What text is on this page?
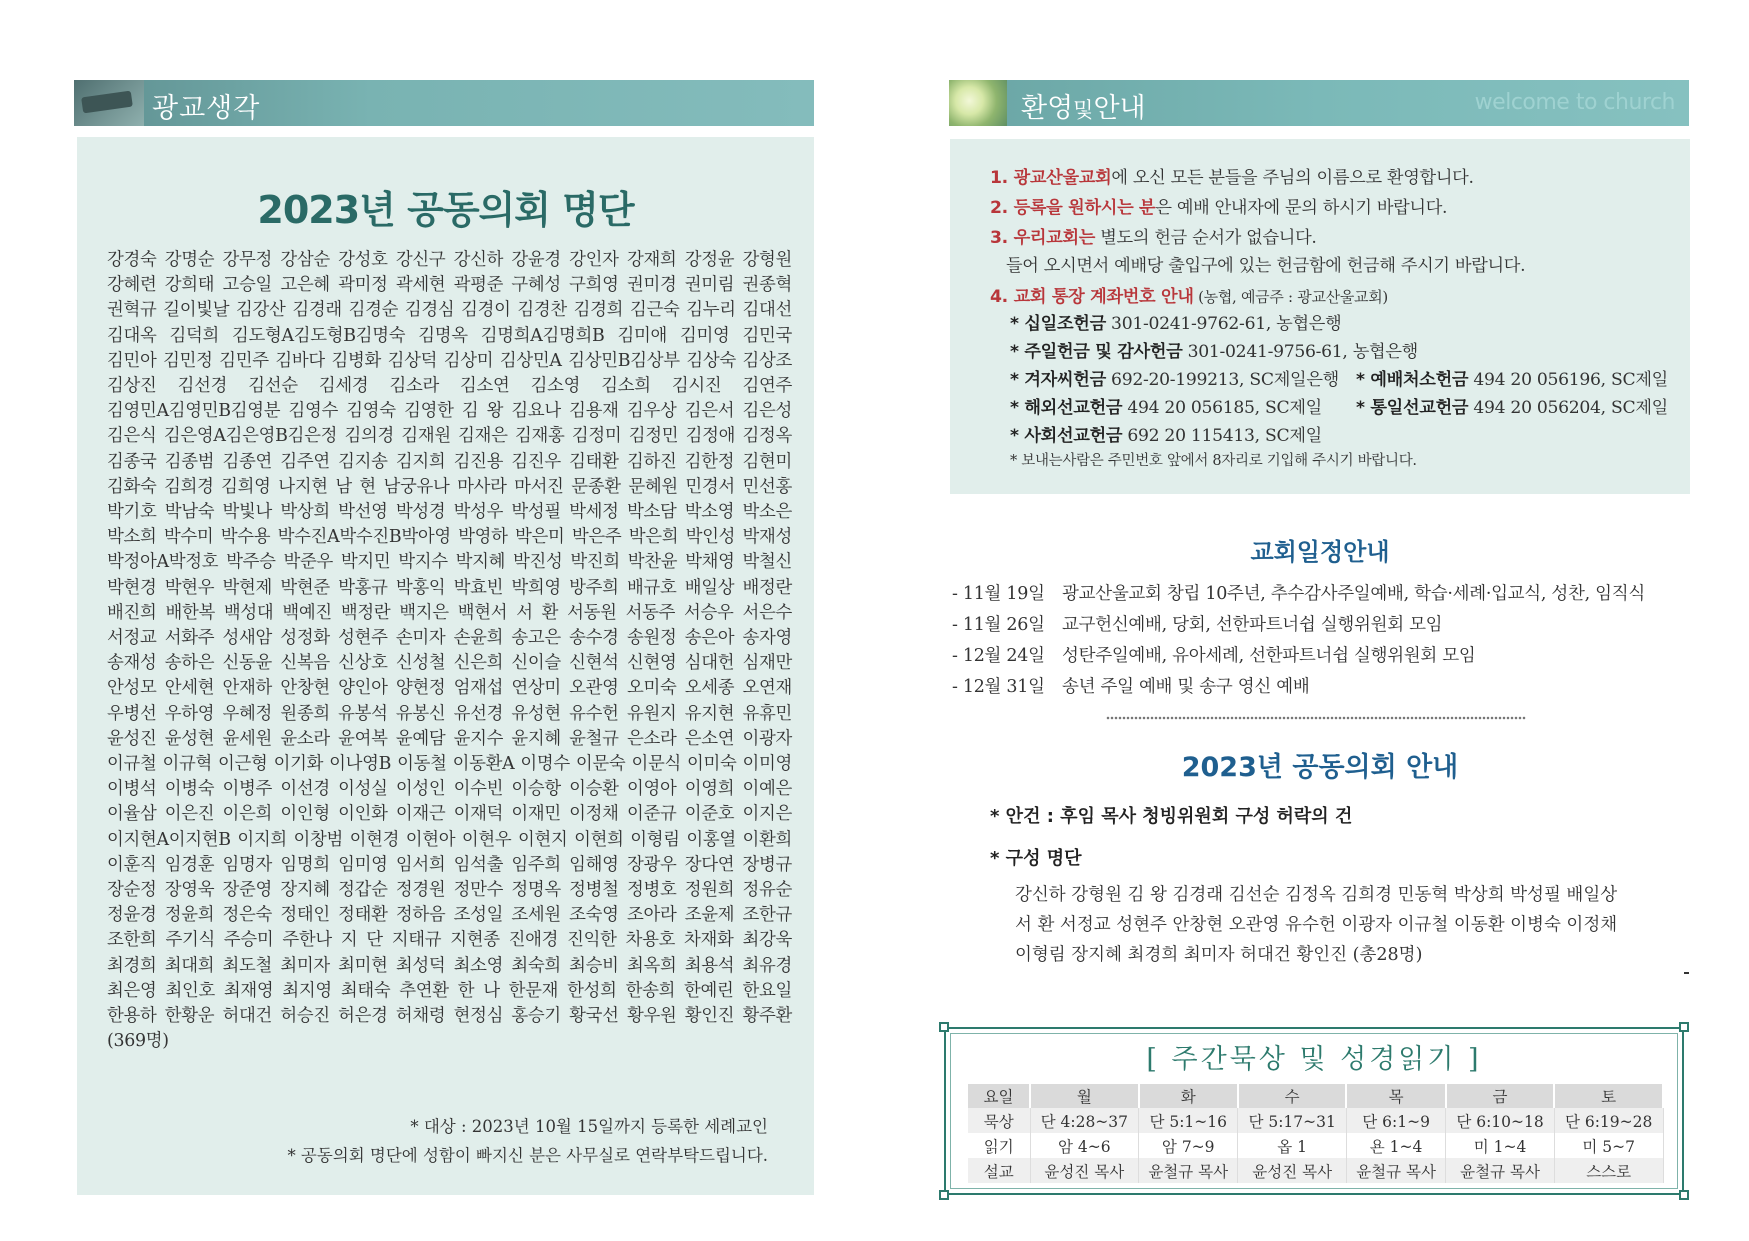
광교생각
2023년 공동의회 명단
강경숙 강명순 강무정 강삼순 강성호 강신구 강신하 강윤경 강인자 강재희 강정윤 강형원 강혜련 강희태 고승일 고은혜 곽미정 곽세현 곽평준 구혜성 구희영 권미경 권미림 권종혁 권혁규 길이빛날 김강산 김경래 김경순 김경심 김경이 김경찬 김경희 김근숙 김누리 김대선 김대옥 김덕희 김도형A김도형B김명숙 김명옥 김명희A김명희B 김미애 김미영 김민국 김민아 김민정 김민주 김바다 김병화 김상덕 김상미 김상민A 김상민B김상부 김상숙 김상조 김상진 김선경 김선순 김세경 김소라 김소연 김소영 김소희 김시진 김연주 김영민A김영민B김영분 김영수 김영숙 김영한 김 왕 김요나 김용재 김우상 김은서 김은성 김은식 김은영A김은영B김은정 김의경 김재원 김재은 김재홍 김정미 김정민 김정애 김정옥 김종국 김종범 김종연 김주연 김지송 김지희 김진용 김진우 김태환 김하진 김한정 김현미 김화숙 김희경 김희영 나지현 남 현 남궁유나 마사라 마서진 문종환 문혜원 민경서 민선홍 박기호 박남숙 박빛나 박상희 박선영 박성경 박성우 박성필 박세정 박소담 박소영 박소은 박소희 박수미 박수용 박수진A박수진B박아영 박영하 박은미 박은주 박은희 박인성 박재성 박정아A박정호 박주승 박준우 박지민 박지수 박지혜 박진성 박진희 박찬윤 박채영 박철신 박현경 박현우 박현제 박현준 박홍규 박홍익 박효빈 박희영 방주희 배규호 배일상 배정란 배진희 배한복 백성대 백예진 백정란 백지은 백현서 서 환 서동원 서동주 서승우 서은수 서정교 서화주 성새암 성정화 성현주 손미자 손윤희 송고은 송수경 송원정 송은아 송자영 송재성 송하은 신동윤 신복음 신상호 신성철 신은희 신이슬 신현석 신현영 심대헌 심재만 안성모 안세현 안재하 안창현 양인아 양현정 엄재섭 연상미 오관영 오미숙 오세종 오연재 우병선 우하영 우혜정 원종희 유봉석 유봉신 유선경 유성현 유수헌 유원지 유지현 유휴민 윤성진 윤성현 윤세원 윤소라 윤여복 윤예담 윤지수 윤지혜 윤철규 은소라 은소연 이광자 이규철 이규혁 이근형 이기화 이나영B 이동철 이동환A 이명수 이문숙 이문식 이미숙 이미영 이병석 이병숙 이병주 이선경 이성실 이성인 이수빈 이승항 이승환 이영아 이영희 이예은 이율삼 이은진 이은희 이인형 이인화 이재근 이재덕 이재민 이정채 이준규 이준호 이지은 이지현A이지현B 이지희 이창범 이현경 이현아 이현우 이현지 이현희 이형림 이홍열 이환희 이훈직 임경훈 임명자 임명희 임미영 임서희 임석출 임주희 임해영 장광우 장다연 장병규 장순정 장영욱 장준영 장지혜 정갑순 정경원 정만수 정명옥 정병철 정병호 정원희 정유순 정윤경 정윤희 정은숙 정태인 정태환 정하음 조성일 조세원 조숙영 조아라 조윤제 조한규 조한희 주기식 주승미 주한나 지 단 지태규 지현종 진애경 진익한 차용호 차재화 최강욱 최경희 최대희 최도철 최미자 최미현 최성덕 최소영 최숙희 최승비 최옥희 최용석 최유경 최은영 최인호 최재영 최지영 최태숙 추연환 한 나 한문재 한성희 한송희 한예린 한요일 한용하 한황운 허대건 허승진 허은경 허채령 현정심 홍승기 황국선 황우원 황인진 황주환 (369명)
* 대상 : 2023년 10월 15일까지 등록한 세례교인
* 공동의회 명단에 성함이 빠지신 분은 사무실로 연락부탁드립니다.
환영및안내	welcome to church
1. 광교산울교회에 오신 모든 분들을 주님의 이름으로 환영합니다.
2. 등록을 원하시는 분은 예배 안내자에 문의 하시기 바랍니다.
3. 우리교회는 별도의 헌금 순서가 없습니다.
들어 오시면서 예배당 출입구에 있는 헌금함에 헌금해 주시기 바랍니다.
4. 교회 통장 계좌번호 안내 (농협, 예금주 : 광교산울교회)
* 십일조헌금 301-0241-9762-61, 농협은행
* 주일헌금 및 감사헌금 301-0241-9756-61, 농협은행
* 겨자씨헌금 692-20-199213, SC제일은행 * 예배처소헌금 494 20 056196, SC제일
* 해외선교헌금 494 20 056185, SC제일 * 통일선교헌금 494 20 056204, SC제일
* 사회선교헌금 692 20 115413, SC제일
* 보내는사람은 주민번호 앞에서 8자리로 기입해 주시기 바랍니다.
교회일정안내
- 11월 19일 광교산울교회 창립 10주년, 추수감사주일예배, 학습·세례·입교식, 성찬, 임직식
- 11월 26일 교구헌신예배, 당회, 선한파트너쉽 실행위원회 모임
- 12월 24일 성탄주일예배, 유아세례, 선한파트너쉽 실행위원회 모임
- 12월 31일 송년 주일 예배 및 송구 영신 예배
2023년 공동의회 안내
* 안건 : 후임 목사 청빙위원회 구성 허락의 건
* 구성 명단
강신하 강형원 김 왕 김경래 김선순 김정옥 김희경 민동혁 박상희 박성필 배일상
서 환 서정교 성현주 안창현 오관영 유수헌 이광자 이규철 이동환 이병숙 이정채
이형림 장지혜 최경희 최미자 허대건 황인진 (총28명)
[ 주간묵상 및 성경읽기 ]
요일	월	화	수	목	금	토
묵상	단 4:28~37	단 5:1~16	단 5:17~31	단 6:1~9	단 6:10~18	단 6:19~28
읽기	암 4~6	암 7~9	옵 1	욘 1~4	미 1~4	미 5~7
설교	윤성진 목사	윤철규 목사	윤성진 목사	윤철규 목사	윤철규 목사	스스로
